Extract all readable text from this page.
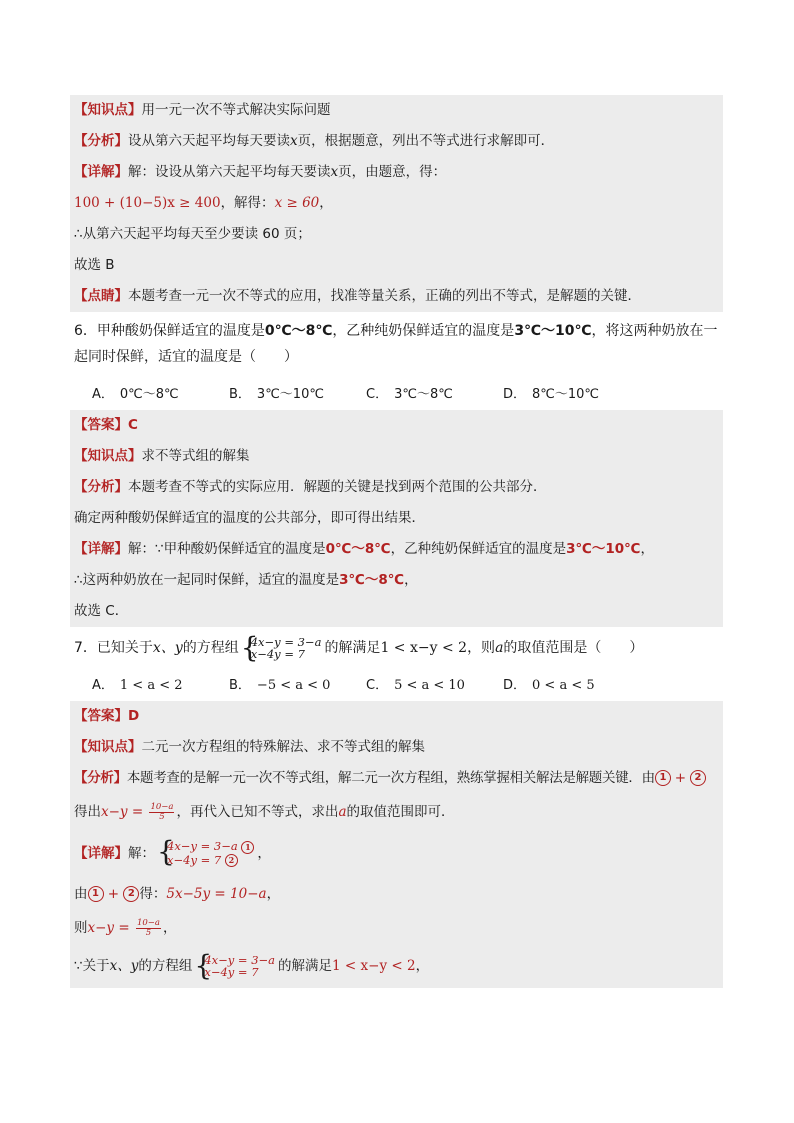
【知识点】用一元一次不等式解决实际问题
【分析】设从第六天起平均每天要读x页，根据题意，列出不等式进行求解即可．
【详解】解：设设从第六天起平均每天要读x页，由题意，得：
100 + (10−5)x ≥ 400，解得：x ≥ 60，
∴从第六天起平均每天至少要读 60 页；
故选 B
【点睛】本题考查一元一次不等式的应用，找准等量关系，正确的列出不等式，是解题的关键．
6．甲种酸奶保鲜适宜的温度是0℃～8℃，乙种纯奶保鲜适宜的温度是3℃～10℃，将这两种奶放在一起同时保鲜，适宜的温度是（　　）
A． 0℃～8℃	B． 3℃～10℃	C． 3℃～8℃	D． 8℃～10℃
【答案】C
【知识点】求不等式组的解集
【分析】本题考查不等式的实际应用．解题的关键是找到两个范围的公共部分．
确定两种酸奶保鲜适宜的温度的公共部分，即可得出结果．
【详解】解：∵甲种酸奶保鲜适宜的温度是0℃～8℃，乙种纯奶保鲜适宜的温度是3℃～10℃，
∴这两种奶放在一起同时保鲜，适宜的温度是3℃～8℃，
故选 C．
7．已知关于x、y的方程组 {
4x−y = 3−a
x−4y = 7	的解满足1 < x−y < 2，则a的取值范围是（　　）
A． 1 < a < 2	B． −5 < a < 0	C． 5 < a < 10	D． 0 < a < 5
【答案】D
【知识点】二元一次方程组的特殊解法、求不等式组的解集
【分析】本题考查的是解一元一次不等式组，解二元一次方程组，熟练掌握相关解法是解题关键．由 1 + 2
得出$x-y = \frac{10-a}{5}$ ，再代入已知不等式，求出a的取值范围即可．
【详解】解： {
4x−y = 3−a 1
x−4y = 7 2	，
由 1 + 2 得：5x−5y = 10−a，
则$x-y = \frac{10-a}{5}$ ，
∵关于x、y的方程组 {
4x−y = 3−a
x−4y = 7	的解满足1 < x−y < 2，
